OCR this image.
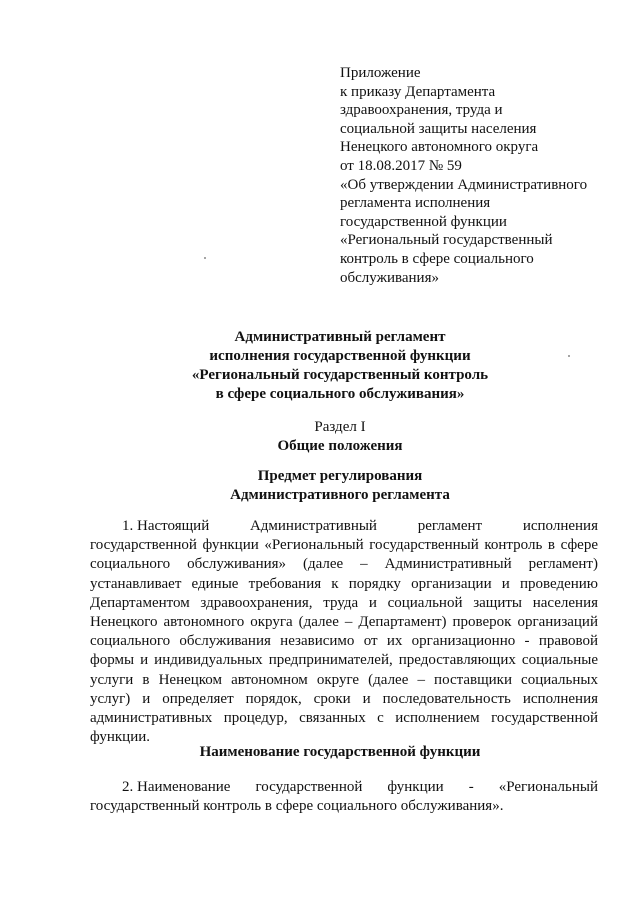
Приложение
к приказу Департамента
здравоохранения, труда и
социальной защиты населения
Ненецкого автономного округа
от 18.08.2017 № 59
«Об утверждении Административного
регламента исполнения
государственной функции
«Региональный государственный
контроль в сфере социального
обслуживания»
Административный регламент
исполнения государственной функции
«Региональный государственный контроль
в сфере социального обслуживания»
Раздел I
Общие положения
Предмет регулирования
Административного регламента
1. Настоящий	Административный	регламент	исполнения
государственной функции «Региональный государственный контроль в сфере
социального обслуживания» (далее – Административный регламент)
устанавливает единые требования к порядку организации и проведению
Департаментом здравоохранения, труда и социальной защиты населения
Ненецкого автономного округа (далее – Департамент) проверок организаций
социального обслуживания независимо от их организационно - правовой
формы и индивидуальных предпринимателей, предоставляющих социальные
услуги в Ненецком автономном округе (далее – поставщики социальных
услуг) и определяет порядок, сроки и последовательность исполнения
административных процедур, связанных с исполнением государственной
функции.
Наименование государственной функции
2. Наименование государственной функции - «Региональный
государственный контроль в сфере социального обслуживания».
